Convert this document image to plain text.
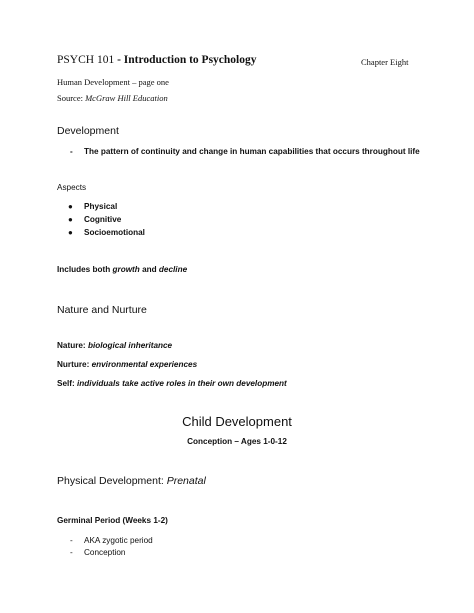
PSYCH 101 - Introduction to Psychology	Chapter Eight
Human Development – page one
Source: McGraw Hill Education
Development
- The pattern of continuity and change in human capabilities that occurs throughout life
Aspects
● Physical
● Cognitive
● Socioemotional
Includes both growth and decline
Nature and Nurture
Nature: biological inheritance
Nurture: environmental experiences
Self: individuals take active roles in their own development
Child Development
Conception – Ages 1-0-12
Physical Development: Prenatal
Germinal Period (Weeks 1-2)
- AKA zygotic period
- Conception
